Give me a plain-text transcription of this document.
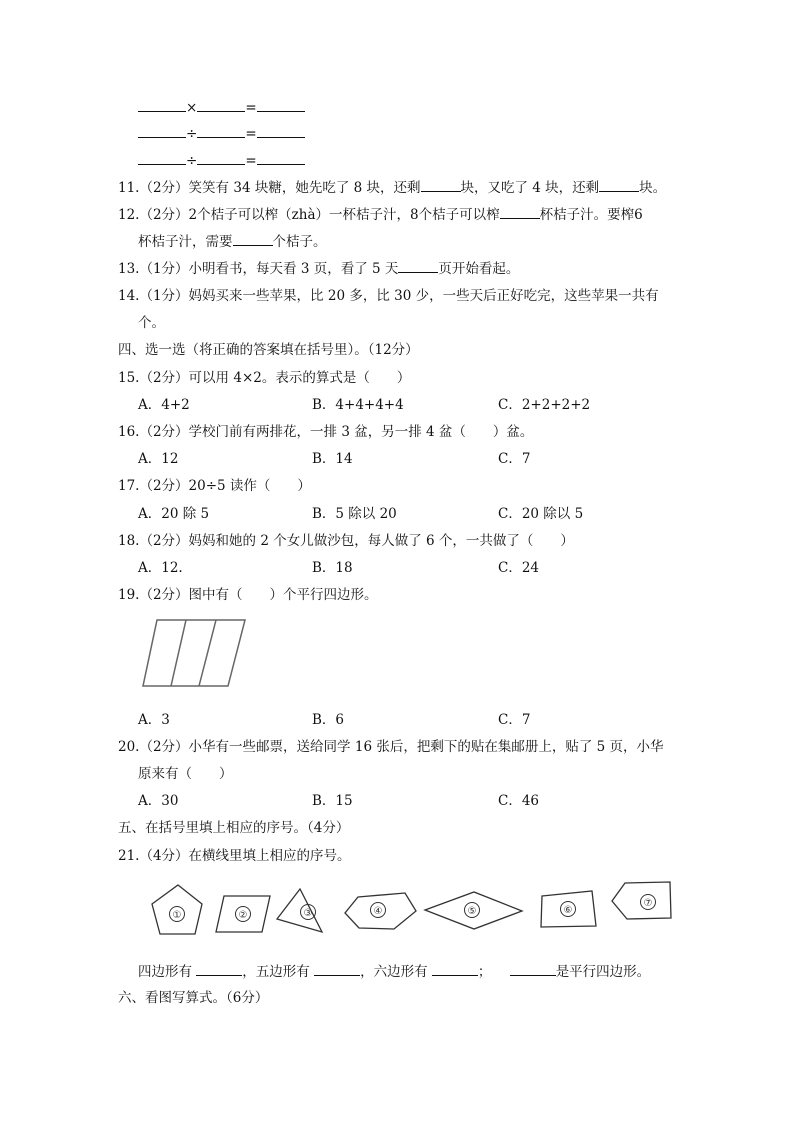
×	=
÷	=
÷	=
11.（2分）笑笑有 34 块糖，她先吃了 8 块，还剩	块，又吃了 4 块，还剩	块。
12.（2分）2个桔子可以榨（zhà）一杯桔子汁，8个桔子可以榨	杯桔子汁。要榨6
杯桔子汁，需要	个桔子。
13.（1分）小明看书，每天看 3 页，看了 5 天	页开始看起。
14.（1分）妈妈买来一些苹果，比 20 多，比 30 少，一些天后正好吃完，这些苹果一共有
个。
四、选一选（将正确的答案填在括号里）。（12分）
15.（2分）可以用 4×2。表示的算式是（　　）
A．4+2	B．4+4+4+4	C．2+2+2+2
16.（2分）学校门前有两排花，一排 3 盆，另一排 4 盆（　　）盆。
A．12	B．14	C．7
17.（2分）20÷5 读作（　　）
A．20 除 5	B．5 除以 20	C．20 除以 5
18.（2分）妈妈和她的 2 个女儿做沙包，每人做了 6 个，一共做了（　　）
A．12.	B．18	C．24
19.（2分）图中有（　　）个平行四边形。
A．3	B．6	C．7
20.（2分）小华有一些邮票，送给同学 16 张后，把剩下的贴在集邮册上，贴了 5 页，小华
原来有（　　）
A．30	B．15	C．46
五、在括号里填上相应的序号。（4分）
21.（4分）在横线里填上相应的序号。
①	②	③	④	⑤	⑥
⑦
四边形有	，五边形有	，六边形有	；	是平行四边形。
六、看图写算式。（6分）
